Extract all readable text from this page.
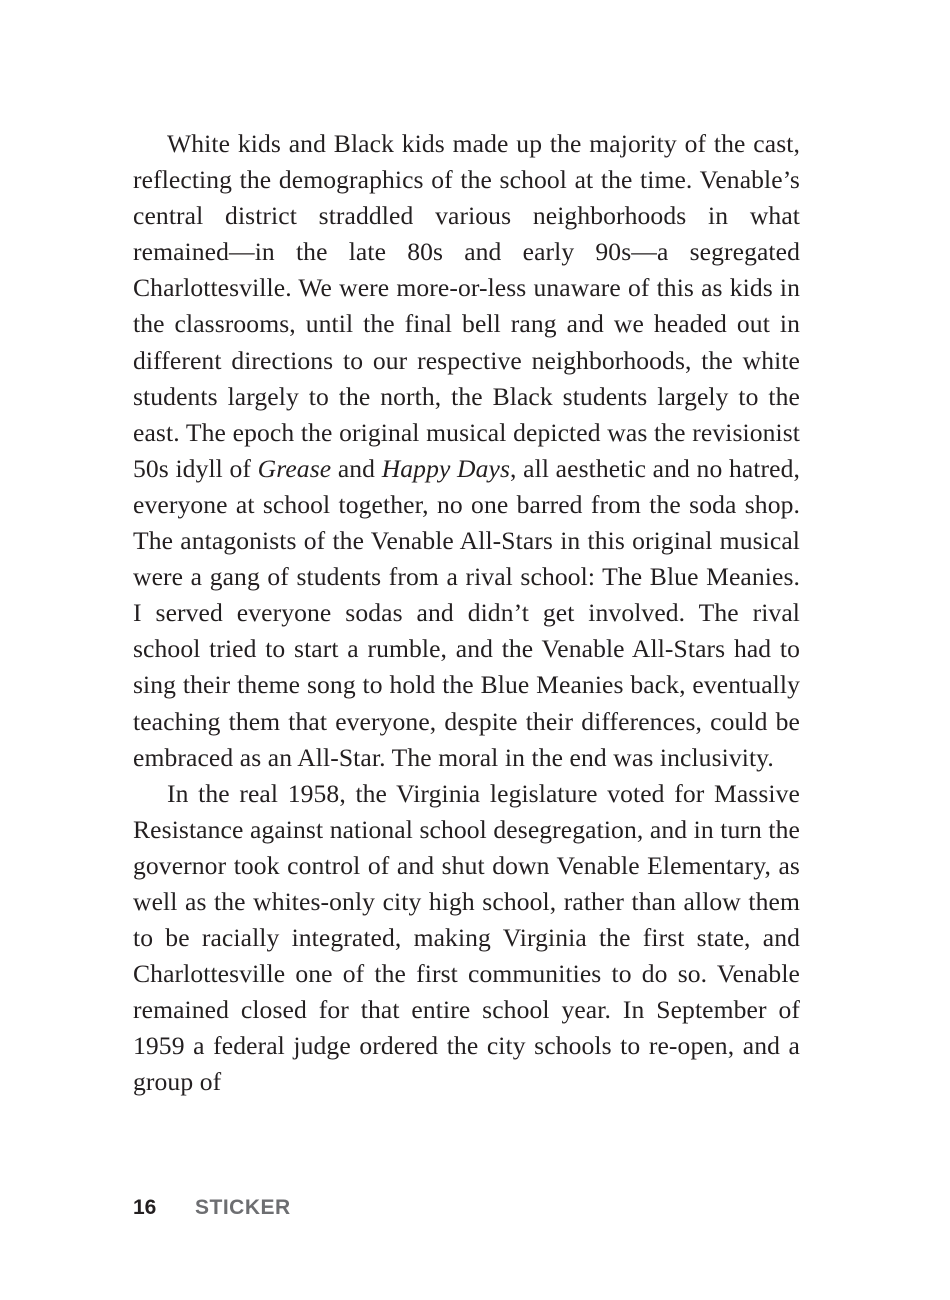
White kids and Black kids made up the majority of the cast, reflecting the demographics of the school at the time. Venable’s central district straddled various neighborhoods in what remained—in the late 80s and early 90s—a segregated Charlottesville. We were more-or-less unaware of this as kids in the classrooms, until the final bell rang and we headed out in different directions to our respective neighborhoods, the white students largely to the north, the Black students largely to the east. The epoch the original musical depicted was the revisionist 50s idyll of Grease and Happy Days, all aesthetic and no hatred, everyone at school together, no one barred from the soda shop. The antagonists of the Venable All-Stars in this original musical were a gang of students from a rival school: The Blue Meanies. I served everyone sodas and didn’t get involved. The rival school tried to start a rumble, and the Venable All-Stars had to sing their theme song to hold the Blue Meanies back, eventually teaching them that everyone, despite their differences, could be embraced as an All-Star. The moral in the end was inclusivity.

In the real 1958, the Virginia legislature voted for Massive Resistance against national school desegregation, and in turn the governor took control of and shut down Venable Elementary, as well as the whites-only city high school, rather than allow them to be racially integrated, making Virginia the first state, and Charlottesville one of the first communities to do so. Venable remained closed for that entire school year. In September of 1959 a federal judge ordered the city schools to re-open, and a group of

16 STICKER
